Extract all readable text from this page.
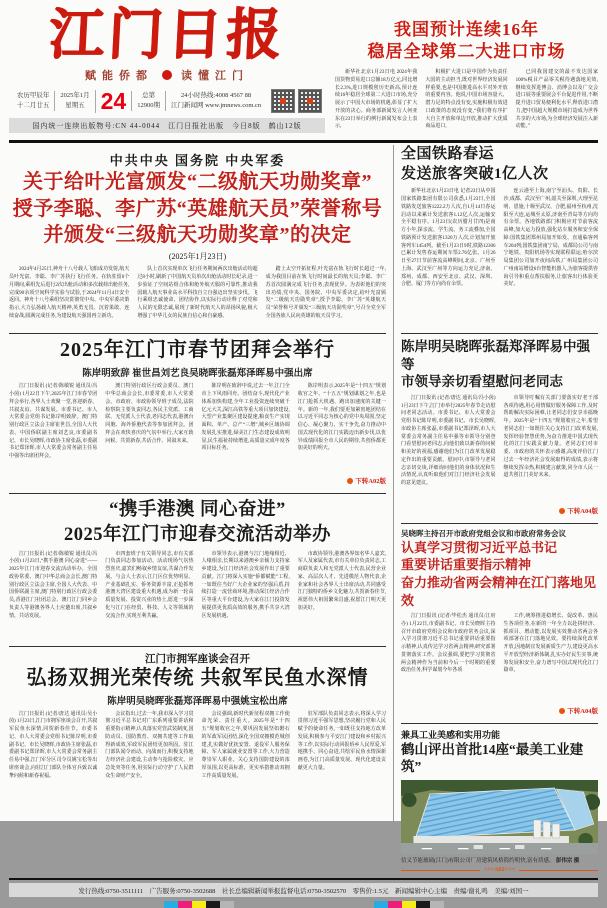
江门日报
赋能侨都	读懂江门
农历甲辰年
十二月廿五
2025年1月
星期五 24	总第
12900期
24小时热线:4008 4567 88
江门新闻网 www.jmnews.com.cn
国内统一连续出版物号:CN 44-0044　江门日报社出版　今日8版　鹤山12版
我国预计连续16年
稳居全球第二大进口市场
新华社北京1月23日电 2024年我国货物贸易进口总额18万亿元,同比增长2.3%,进口规模创历史新高,预计连续16年稳居全球第二大进口市场,充分展示了中国大市场的机遇,彰显了扩大开放的决心。商务部新闻发言人何亚东在23日举行的例行新闻发布会上表示,
积极扩大进口是中国作为负责任大国的主动担当,既对世界经济发展同样重要,也是中国推进高水平对外开放的重要内容。他说,中国市场容量大、潜力足的特点没有变,实施积极有效进口政策的态度没有变,“我们将有序扩大自主开放和单边开放,推动扩大优质商品进口,
已同我国建交的最不发达国家100%税目产品零关税待遇落地见效,继续发挥进博会、消博会以及广交会进口展等重要展会平台促进作用,不断提升进口贸易便利化水平,释放进口潜力,把中国超大规模市场打造成为世界共享的大市场,为全球经济发展注入新动能。”
中共中央 国务院 中央军委
关于给叶光富颁发“二级航天功勋奖章”
授予李聪、李广苏“英雄航天员”荣誉称号
并颁发“三级航天功勋奖章”的决定
(2025年1月23日)
2024年4月25日,神舟十八号载人飞船成功发射,航天员叶光富、李聪、李广苏执行飞行任务。在轨驻留6个月期间,乘组先后进行2次出舱活动和多次载荷出舱任务,完成90余项空间科学实验与试验,于2024年11月4日安全返回。神舟十八号乘组坚决贯彻党中央、中央军委决策指示,大力弘扬载人航天精神,英勇无畏、沉着果敢、连续奋战,圆满完成任务,为建设航天强国再立新功。
队上首次实现单次飞行任务期间两次出舱活动均超过8小时,刷新了中国航天员单次出舱活动时长纪录,进一步验证了空间站组合体和舱外航天服的可靠性,推动我国载人航天事业高水平科技自立自强迈出坚实步伐。飞行乘组忠诚使命、团结协作,以实际行动诠释了对党和人民的无限忠诚,展现了新时代航天人的昂扬风貌,极大增强了中华儿女的民族自信心和自豪感。
踏上太空开拓征程,叶光富在轨飞行时长超过一年,成为我国目前在轨飞行时间最长的航天员;李聪、李广苏首次圆满完成飞行任务,表现优异。为表彰他们的突出功绩,党中央、国务院、中央军委决定,给叶光富颁发“二级航天功勋奖章”,授予李聪、李广苏“英雄航天员”荣誉称号并颁发“三级航天功勋奖章”,号召全党全军全国各族人民向英雄的航天员学习。
2025年江门市春节团拜会举行
陈岸明致辞 崔世昌刘艺良吴晓晖张磊郑泽晖易中强出席
江门日报讯 (记者/陈敏锐 通讯员/冯小茵) 1月22日下午,2025年江门市春节团拜会举行,各界人士欢聚一堂,喜迎新春、共叙友谊、共谋发展。市委书记、市人大常委会党组书记陈岸明致辞。澳门特别行政区立法会主席崔世昌,全国人大代表、中国侨联副主席刘艺良,市委副书记、市长吴晓晖,市政协主席张磊,市委副书记郑泽晖,市人大常委会常务副主任易中强等出席团拜会。
澳门特别行政区行政会委员、澳门中华总商会会长,市委常委,市人大常委会、市政府、市政协领导班子成员,法院检察院主要负责同志,各民主党派、工商联、无党派人士代表,老同志代表,港澳台同胞、海外侨胞代表等参加团拜会。团拜会在欢快喜庆的气氛中举行,大家互致问候、共贺新春,共话合作、同叙未来。
陈岸明在致辞中说,过去一年,江门全市上下风雨同舟、团结奋斗,现代化产业体系加快构建,全年工业投资连续突破千亿元大关,深江高铁等重大项目加快建设,大型产业集聚区建设提速,粮食生产实现面积、单产、总产“三增”,城乡区域协调发展扎实推进,绿美江门生态建设成效明显,民生福祉持续增进,高质量完成年度各项目标任务。
陈岸明表示,2025年是“十四五”规划收官之年、“十五五”规划谋划之年,也是江门抢抓大机遇、跑出加速度的关键一年。新的一年,我们要更加紧密地团结在以习近平同志为核心的党中央周围,坚定信心、凝心聚力、实干争先,奋力推动中国式现代化的江门实践迈出新步伐,以优异成绩回报全市人民的期待,共创侨都更加美好的明天。
下转A02版
“携手港澳 同心奋进”
2025年江门市迎春交流活动举办
江门日报讯 (记者/陈敏锐 通讯员/冯小茵) 1月23日,“携手港澳 同心奋进”——2025年江门市迎春交流活动举办。全国政协常委、澳门中华总商会会长,澳门特别行政区立法会主席,全国人大代表、中国侨联副主席,澳门特别行政区行政会委员,香港江门社团总会、澳门江门同乡会负责人等港澳各界人士应邀出席,共叙乡情、共话发展。
市四套班子有关领导同志,市有关部门负责同志参加活动。活动现场气氛热烈喜庆,嘉宾们畅叙乡情友谊,共谋合作发展。与会人士表示,江门区位优势明显、产业基础扎实、侨务资源丰富,正抢抓粤港澳大湾区建设重大机遇,成为新一轮高质量发展、投资兴业的热土,愿进一步深化与江门在经贸、科技、人文等领域的交流合作,实现互利共赢。
市领导表示,港澳与江门地缘相近、人缘相亲,长期以来港澳乡亲倾力支持家乡建设,为江门经济社会发展作出了重要贡献。江门将深入实施“侨都赋能”工程,一如既往当好广大企业家的坚强后盾,持续打造一流营商环境,推动深江经济合作区等重大平台建设,为大家在江门投资发展提供更优质高效的服务,携手共享大湾区发展机遇。
市政协领导,港澳各界知名华人嘉宾,军人及家属代表,市有关单位负责同志,工商联负责人和无党派人士代表,民营企业家、高层次人才、先进模范人物代表,企业家和社会各界人士出席活动,共同感受江门独特的侨乡文化魅力,共贺新春佳节,祝愿伟大祖国繁荣昌盛,祝愿江门明天更加美好。
江门市拥军座谈会召开
弘扬双拥光荣传统 共叙军民鱼水深情
陈岸明吴晓晖张磊郑泽晖易中强姚宝松出席
江门日报讯 (记者/唐达 通讯员/吴小茵) 1月23日,江门市拥军座谈会召开,共叙军民鱼水深情,同贺新春佳节。市委书记、市人大常委会党组书记陈岸明,市委副书记、市长吴晓晖,市政协主席张磊,市委副书记郑泽晖,市人大常委会常务副主任易中强,江门军分区司令员姚宝松等出席座谈会,向驻江门部队全体官兵致以诚挚问候和新春祝福。
会议指出,过去一年,我市深入学习贯彻习近平总书记对广东系列重要讲话和重要指示精神,认真落实党管武装制度,国防动员、国防教育、双拥共建等工作取得新成效,军政军民团结更加巩固。驻江门部队闻令而动、向战而行,积极支持地方经济社会建设,主动参与抢险救灾、应急处突等任务,用实际行动守护了人民群众生命财产安全。
会议强调,新时代新征程双拥工作使命光荣、责任重大。2025年是“十四五”规划收官之年,要巩固发展坚如磐石的军政军民团结,深化全国双拥模范城创建,扎实做好优抚安置、退役军人服务保障、军人家属就业安置等工作,大力营造尊崇军人职业、关心支持国防建设的浓厚氛围,以更高标准、更实举措推动双拥工作高质量发展。
驻军部队负责同志表示,将深入学习贯彻习近平强军思想,坚决履行党和人民赋予的使命任务,一如既往支持地方改革发展,积极参与平安江门建设和乡村振兴等工作,以实际行动回报侨乡人民厚爱,军地携手、同心奋进,共绘军民鱼水情深新画卷,为江门高质量发展、现代化建设贡献更大力量。
全国铁路春运
发送旅客突破1亿人次
新华社北京1月23日电 记者23日从中国国家铁路集团有限公司获悉,1月23日,全国铁路发送旅客1222.2万人次,自1月14日春运启动以来累计发送旅客1.12亿人次,运输安全平稳有序。1月23日(农历腊月廿四)是南方小年,探亲流、学生流、务工流叠加,全国铁路预计发送旅客1320万人次,计划加开旅客列车1454列。截至1月23日9时,铁路12306已累计发售春运期间车票2.76亿张。1月26日至27日节前客流高峰期间,北京、广州至上海、武汉至广州等方向运力充足,济南、郑州、成都、西安至北京、武汉、深圳、合肥、厦门等方向尚有余票。
连云港至上海,南宁至汕头、贵阳、长沙,成都、武汉至广州,韶关至深圳,大理至昆明、恩施,十堰至武汉、合肥,福州至杭州,沈阳至大连,运城至太原,济南至青岛等方向均有余票。各地铁路部门积极应对节前客流高峰,加大运力投放,强化站车服务和安全保障:国铁集团郑州局加开始发、直通临客列车204列;国铁集团南宁局、成都局公司与南宁地铁、贵阳机场等实现联程联运;哈尔滨局集团公司加开夜间高铁,广州局集团公司广州南站增设6台智能机器人,为旅客提供咨询引导和重点帮扶服务,让旅客出行体验更美好。
陈岸明吴晓晖张磊郑泽晖易中强等
市领导亲切看望慰问老同志
江门日报讯 (记者/唐达 通讯员/冯小茵) 1月23日下午,江门市举行2025年春节走访慰问老同志活动。市委书记、市人大常委会党组书记陈岸明,市委副书记、市长吴晓晖,市政协主席张磊,市委副书记郑泽晖,市人大常委会常务副主任易中强等市领导分别登门看望慰问老同志,向他们致以新春的问候和美好的祝福,感谢他们为江门改革发展稳定作出的重要贡献。慰问中,市领导与老同志亲切交谈,详细询问他们的身体状况和生活情况,认真听取他们对江门经济社会发展的意见建议。
市领导叮嘱有关部门要落实好老干部各项待遇,用心用情做好服务保障工作,及时帮助解决实际困难,让老同志们安享幸福晚年。2025年是“十四五”规划收官之年,希望老同志们一如既往关心支持江门改革发展,发挥经验智慧优势,为奋力推进中国式现代化的江门实践贡献力量。老同志们对市委、市政府的关怀表示感谢,高度评价江门过去一年经济社会发展取得的成绩,表示将继续发挥余热,积极建言献策,同全市人民一道共创江门美好未来。
下转A04版
吴晓晖主持召开市政府党组会议和市政府常务会议
认真学习贯彻习近平总书记
重要讲话重要指示精神
奋力推动省两会精神在江门落地见效
江门日报讯 (记者/毕松杰 通讯员/江府办) 1月22日,市委副书记、市长吴晓晖主持召开市政府党组会议和市政府常务会议,深入学习贯彻习近平总书记重要讲话重要指示精神,认真传达学习省两会精神,研究部署贯彻落实工作。会议强调,要把学习贯彻省两会精神作为当前和今后一个时期的重要政治任务,科学谋划今年各项
工作,统筹推进稳增长、促改革、惠民生各项任务,在新的一年全力以赴拼经济、抓项目、增动能,以发展实效推动省两会各项部署在江门落地见效。要持续深化改革开放,因地制宜发展新质生产力,建设更高水平开放型经济新体制,扎实办好民生实事,统筹发展和安全,奋力谱写中国式现代化江门篇章。
下转A04版
兼具工业美感和实用功能
鹤山评出首批14座“最美工业建筑”
信义节能玻璃(江门)有限公司厂房建筑风格简约明快,富有质感。 彭伟宗 摄
>>>A02<<<
发行热线:0750-3511111　广告服务:0750-3502688　社长总编辑新闻举报监督电话:0750-3502570　零售价:1.5元　新闻编辑中心主编　责编/谢礼鸣　美编/刘国一
